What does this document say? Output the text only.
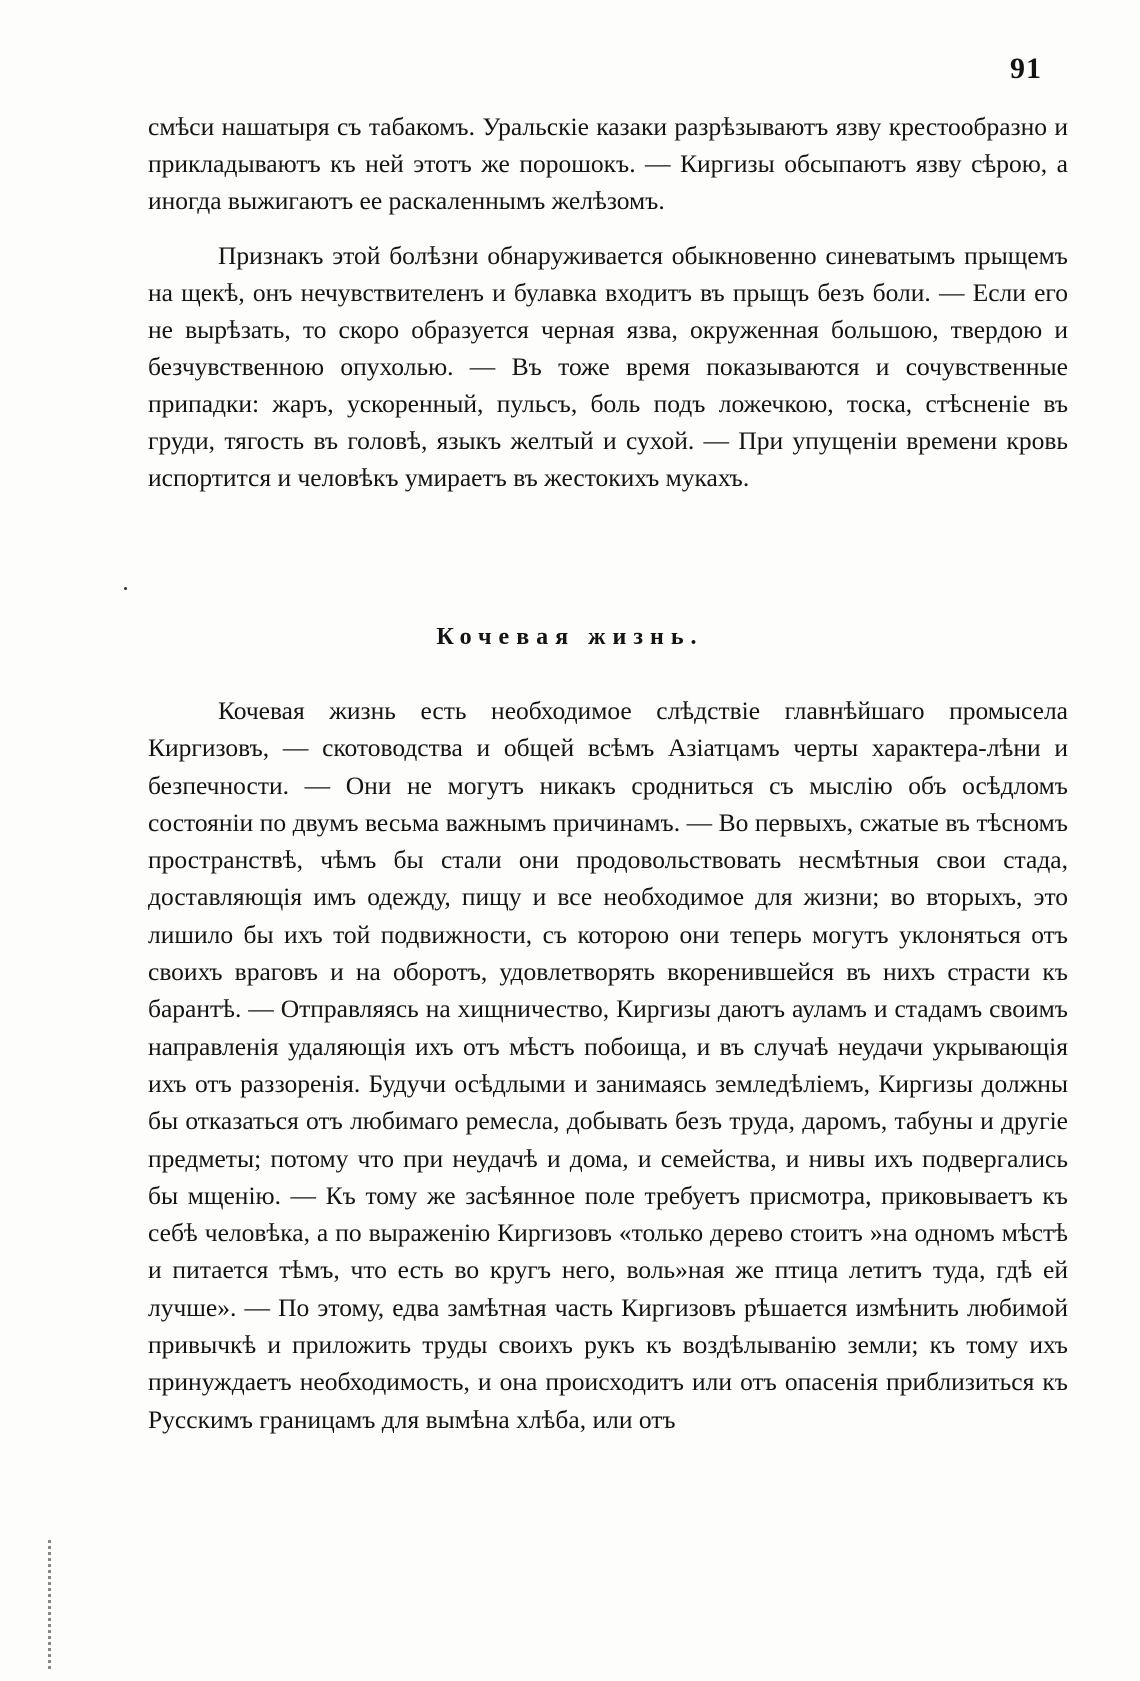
91

смѣси нашатыря съ табакомъ. Уральскіе казаки разрѣзываютъ язву крестообразно и прикладываютъ къ ней этотъ же порошокъ. — Киргизы обсыпаютъ язву сѣрою, а иногда выжигаютъ ее раскаленнымъ желѣзомъ.

Признакъ этой болѣзни обнаруживается обыкновенно синеватымъ прыщемъ на щекѣ, онъ нечувствителенъ и булавка входитъ въ прыщъ безъ боли. — Если его не вырѣзать, то скоро образуется черная язва, окруженная большою, твердою и безчувственною опухолью. — Въ тоже время показываются и сочувственные припадки: жаръ, ускоренный, пульсъ, боль подъ ложечкою, тоска, стѣсненіе въ груди, тягость въ головѣ, языкъ желтый и сухой. — При упущеніи времени кровь испортится и человѣкъ умираетъ въ жестокихъ мукахъ.

Кочевая жизнь.

Кочевая жизнь есть необходимое слѣдствіе главнѣйшаго промысела Киргизовъ, — скотоводства и общей всѣмъ Азіатцамъ черты характера-лѣни и безпечности. — Они не могутъ никакъ сродниться съ мыслію объ осѣдломъ состояніи по двумъ весьма важнымъ причинамъ. — Во первыхъ, сжатые въ тѣсномъ пространствѣ, чѣмъ бы стали они продовольствовать несмѣтныя свои стада, доставляющія имъ одежду, пищу и все необходимое для жизни; во вторыхъ, это лишило бы ихъ той подвижности, съ которою они теперь могутъ уклоняться отъ своихъ враговъ и на оборотъ, удовлетворять вкоренившейся въ нихъ страсти къ барантѣ. — Отправляясь на хищничество, Киргизы даютъ ауламъ и стадамъ своимъ направленія удаляющія ихъ отъ мѣстъ побоища, и въ случаѣ неудачи укрывающія ихъ отъ раззоренія. Будучи осѣдлыми и занимаясь земледѣліемъ, Киргизы должны бы отказаться отъ любимаго ремесла, добывать безъ труда, даромъ, табуны и другіе предметы; потому что при неудачѣ и дома, и семейства, и нивы ихъ подвергались бы мщенію. — Къ тому же засѣянное поле требуетъ присмотра, приковываетъ къ себѣ человѣка, а по выраженію Киргизовъ «только дерево стоитъ »на одномъ мѣстѣ и питается тѣмъ, что есть во кругъ него, воль»ная же птица летитъ туда, гдѣ ей лучше». — По этому, едва замѣтная часть Киргизовъ рѣшается измѣнить любимой привычкѣ и приложить труды своихъ рукъ къ воздѣлыванію земли; къ тому ихъ принуждаетъ необходимость, и она происходитъ или отъ опасенія приблизиться къ Русскимъ границамъ для вымѣна хлѣба, или отъ
